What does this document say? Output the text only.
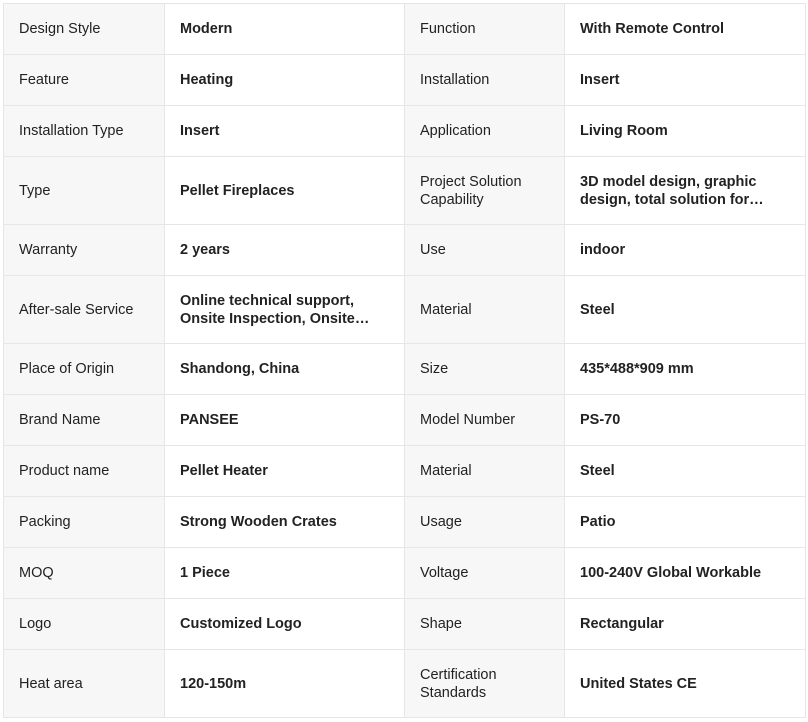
Design Style	Modern	Function	With Remote Control
Feature	Heating	Installation	Insert
Installation Type	Insert	Application	Living Room
Type	Pellet Fireplaces	Project Solution Capability	3D model design, graphic design, total solution for…

Warranty	2 years	Use	indoor
After-sale Service	Online technical support, Onsite Inspection, Onsite…	Material	Steel
Place of Origin	Shandong, China	Size	435*488*909 mm
Brand Name	PANSEE	Model Number	PS-70
Product name	Pellet Heater	Material	Steel
Packing	Strong Wooden Crates	Usage	Patio
MOQ	1 Piece	Voltage	100-240V Global Workable
Logo	Customized Logo	Shape	Rectangular
Heat area	120-150m	Certification Standards	United States CE
